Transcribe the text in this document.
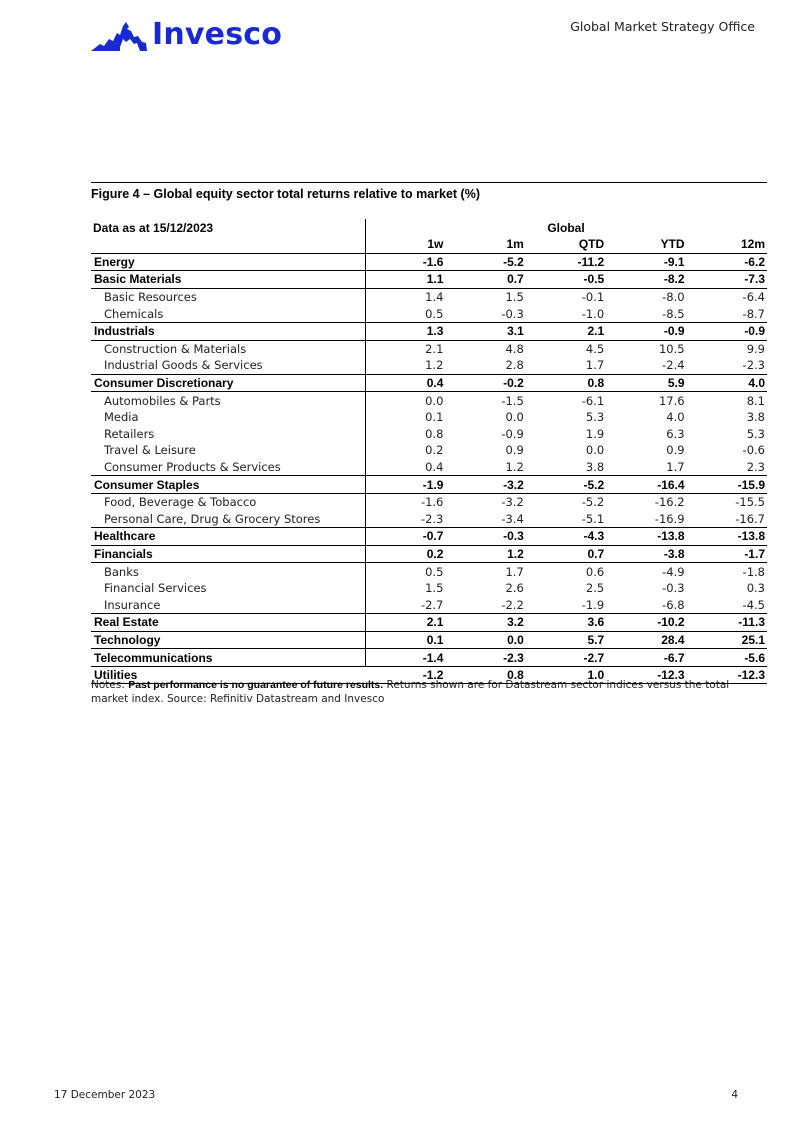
Invesco	Global Market Strategy Office
Figure 4 – Global equity sector total returns relative to market (%)
Data as at 15/12/2023	Global				
	1w	1m	QTD	YTD	12m
Energy	-1.6	-5.2	-11.2	-9.1	-6.2
Basic Materials	1.1	0.7	-0.5	-8.2	-7.3
Basic Resources	1.4	1.5	-0.1	-8.0	-6.4
Chemicals	0.5	-0.3	-1.0	-8.5	-8.7
Industrials	1.3	3.1	2.1	-0.9	-0.9
Construction & Materials	2.1	4.8	4.5	10.5	9.9
Industrial Goods & Services	1.2	2.8	1.7	-2.4	-2.3
Consumer Discretionary	0.4	-0.2	0.8	5.9	4.0
Automobiles & Parts	0.0	-1.5	-6.1	17.6	8.1
Media	0.1	0.0	5.3	4.0	3.8
Retailers	0.8	-0.9	1.9	6.3	5.3
Travel & Leisure	0.2	0.9	0.0	0.9	-0.6
Consumer Products & Services	0.4	1.2	3.8	1.7	2.3
Consumer Staples	-1.9	-3.2	-5.2	-16.4	-15.9
Food, Beverage & Tobacco	-1.6	-3.2	-5.2	-16.2	-15.5
Personal Care, Drug & Grocery Stores	-2.3	-3.4	-5.1	-16.9	-16.7
Healthcare	-0.7	-0.3	-4.3	-13.8	-13.8
Financials	0.2	1.2	0.7	-3.8	-1.7
Banks	0.5	1.7	0.6	-4.9	-1.8
Financial Services	1.5	2.6	2.5	-0.3	0.3
Insurance	-2.7	-2.2	-1.9	-6.8	-4.5
Real Estate	2.1	3.2	3.6	-10.2	-11.3
Technology	0.1	0.0	5.7	28.4	25.1
Telecommunications	-1.4	-2.3	-2.7	-6.7	-5.6
Utilities	-1.2	0.8	1.0	-12.3	-12.3
Notes: Past performance is no guarantee of future results. Returns shown are for Datastream sector indices versus the total market index. Source: Refinitiv Datastream and Invesco
17 December 2023	4
